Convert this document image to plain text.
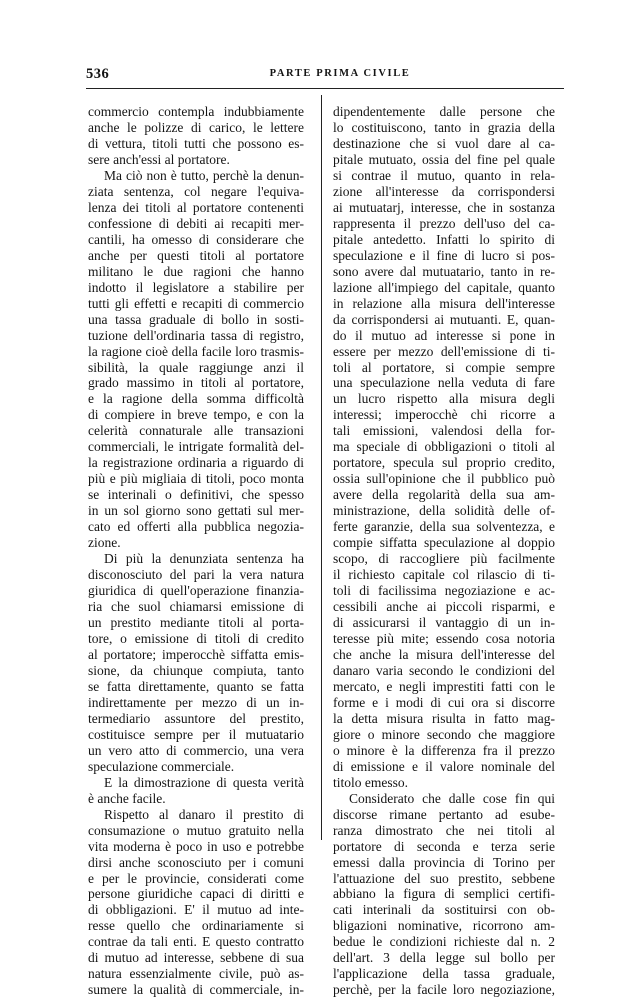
536	PARTE PRIMA CIVILE
commercio contempla indubbiamente
anche le polizze di carico, le lettere
di vettura, titoli tutti che possono es-
sere anch'essi al portatore.
Ma ciò non è tutto, perchè la denun-
ziata sentenza, col negare l'equiva-
lenza dei titoli al portatore contenenti
confessione di debiti ai recapiti mer-
cantili, ha omesso di considerare che
anche per questi titoli al portatore
militano le due ragioni che hanno
indotto il legislatore a stabilire per
tutti gli effetti e recapiti di commercio
una tassa graduale di bollo in sosti-
tuzione dell'ordinaria tassa di registro,
la ragione cioè della facile loro trasmis-
sibilità, la quale raggiunge anzi il
grado massimo in titoli al portatore,
e la ragione della somma difficoltà
di compiere in breve tempo, e con la
celerità connaturale alle transazioni
commerciali, le intrigate formalità del-
la registrazione ordinaria a riguardo di
più e più migliaia di titoli, poco monta
se interinali o definitivi, che spesso
in un sol giorno sono gettati sul mer-
cato ed offerti alla pubblica negozia-
zione.
Di più la denunziata sentenza ha
disconosciuto del pari la vera natura
giuridica di quell'operazione finanzia-
ria che suol chiamarsi emissione di
un prestito mediante titoli al porta-
tore, o emissione di titoli di credito
al portatore; imperocchè siffatta emis-
sione, da chiunque compiuta, tanto
se fatta direttamente, quanto se fatta
indirettamente per mezzo di un in-
termediario assuntore del prestito,
costituisce sempre per il mutuatario
un vero atto di commercio, una vera
speculazione commerciale.
E la dimostrazione di questa verità
è anche facile.
Rispetto al danaro il prestito di
consumazione o mutuo gratuito nella
vita moderna è poco in uso e potrebbe
dirsi anche sconosciuto per i comuni
e per le provincie, considerati come
persone giuridiche capaci di diritti e
di obbligazioni. E' il mutuo ad inte-
resse quello che ordinariamente si
contrae da tali enti. E questo contratto
di mutuo ad interesse, sebbene di sua
natura essenzialmente civile, può as-
sumere la qualità di commerciale, in-
dipendentemente dalle persone che
lo costituiscono, tanto in grazia della
destinazione che si vuol dare al ca-
pitale mutuato, ossia del fine pel quale
si contrae il mutuo, quanto in rela-
zione all'interesse da corrispondersi
ai mutuatarj, interesse, che in sostanza
rappresenta il prezzo dell'uso del ca-
pitale antedetto. Infatti lo spirito di
speculazione e il fine di lucro si pos-
sono avere dal mutuatario, tanto in re-
lazione all'impiego del capitale, quanto
in relazione alla misura dell'interesse
da corrispondersi ai mutuanti. E, quan-
do il mutuo ad interesse si pone in
essere per mezzo dell'emissione di ti-
toli al portatore, si compie sempre
una speculazione nella veduta di fare
un lucro rispetto alla misura degli
interessi; imperocchè chi ricorre a
tali emissioni, valendosi della for-
ma speciale di obbligazioni o titoli al
portatore, specula sul proprio credito,
ossia sull'opinione che il pubblico può
avere della regolarità della sua am-
ministrazione, della solidità delle of-
ferte garanzie, della sua solventezza, e
compie siffatta speculazione al doppio
scopo, di raccogliere più facilmente
il richiesto capitale col rilascio di ti-
toli di facilissima negoziazione e ac-
cessibili anche ai piccoli risparmi, e
di assicurarsi il vantaggio di un in-
teresse più mite; essendo cosa notoria
che anche la misura dell'interesse del
danaro varia secondo le condizioni del
mercato, e negli imprestiti fatti con le
forme e i modi di cui ora si discorre
la detta misura risulta in fatto mag-
giore o minore secondo che maggiore
o minore è la differenza fra il prezzo
di emissione e il valore nominale del
titolo emesso.
Considerato che dalle cose fin qui
discorse rimane pertanto ad esube-
ranza dimostrato che nei titoli al
portatore di seconda e terza serie
emessi dalla provincia di Torino per
l'attuazione del suo prestito, sebbene
abbiano la figura di semplici certifi-
cati interinali da sostituirsi con ob-
bligazioni nominative, ricorrono am-
bedue le condizioni richieste dal n. 2
dell'art. 3 della legge sul bollo per
l'applicazione della tassa graduale,
perchè, per la facile loro negoziazione,
